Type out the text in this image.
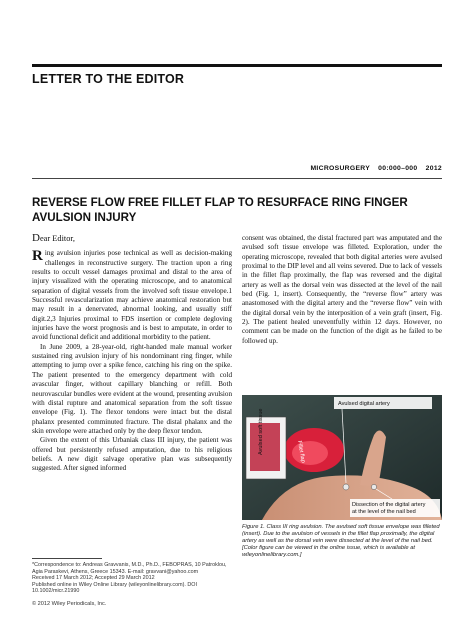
LETTER TO THE EDITOR
MICROSURGERY 00:000–000 2012
REVERSE FLOW FREE FILLET FLAP TO RESURFACE RING FINGER AVULSION INJURY
Dear Editor,

Ring avulsion injuries pose technical as well as decision-making challenges in reconstructive surgery. The traction upon a ring results to occult vessel damages proximal and distal to the area of injury visualized with the operating microscope, and to anatomical separation of digital vessels from the involved soft tissue envelope.1 Successful revascularization may achieve anatomical restoration but may result in a denervated, abnormal looking, and usually stiff digit.2,3 Injuries proximal to FDS insertion or complete degloving injuries have the worst prognosis and is best to amputate, in order to avoid functional deficit and additional morbidity to the patient.

In June 2009, a 28-year-old, right-handed male manual worker sustained ring avulsion injury of his nondominant ring finger, while attempting to jump over a spike fence, catching his ring on the spike. The patient presented to the emergency department with cold avascular finger, without capillary blanching or refill. Both neurovascular bundles were evident at the wound, presenting avulsion with distal rupture and anatomical separation from the soft tissue envelope (Fig. 1). The flexor tendons were intact but the distal phalanx presented comminuted fracture. The distal phalanx and the skin envelope were attached only by the deep flexor tendon.

Given the extent of this Urbaniak class III injury, the patient was offered but persistently refused amputation, due to his religious beliefs. A new digit salvage operative plan was subsequently suggested. After signed informed

consent was obtained, the distal fractured part was amputated and the avulsed soft tissue envelope was filleted. Exploration, under the operating microscope, revealed that both digital arteries were avulsed proximal to the DIP level and all veins severed. Due to lack of vessels in the fillet flap proximally, the flap was reversed and the digital artery as well as the dorsal vein was dissected at the level of the nail bed (Fig. 1, insert). Consequently, the “reverse flow” artery was anastomosed with the digital artery and the “reverse flow” vein with the digital dorsal vein by the interposition of a vein graft (insert, Fig. 2). The patient healed uneventfully within 12 days. However, no comment can be made on the function of the digit as he failed to be followed up.

Avulsed digital artery
Fillet flap
Avulsed soft tissue
Dissection of the digital artery at the level of the nail bed
Figure 1. Class III ring avulsion. The avulsed soft tissue envelope was filleted (insert). Due to the avulsion of vessels in the fillet flap proximally, the digital artery as well as the dorsal vein were dissected at the level of the nail bed. [Color figure can be viewed in the online issue, which is available at wileyonlinelibrary.com.]
*Correspondence to: Andreas Gravvanis, M.D., Ph.D., FEBOPRAS, 10 Patroklou, Agia Paraskevi, Athens, Greece 15343. E-mail: gravvani@yahoo.com
Received 17 March 2012; Accepted 29 March 2012
Published online in Wiley Online Library (wileyonlinelibrary.com). DOI 10.1002/micr.21990
© 2012 Wiley Periodicals, Inc.
